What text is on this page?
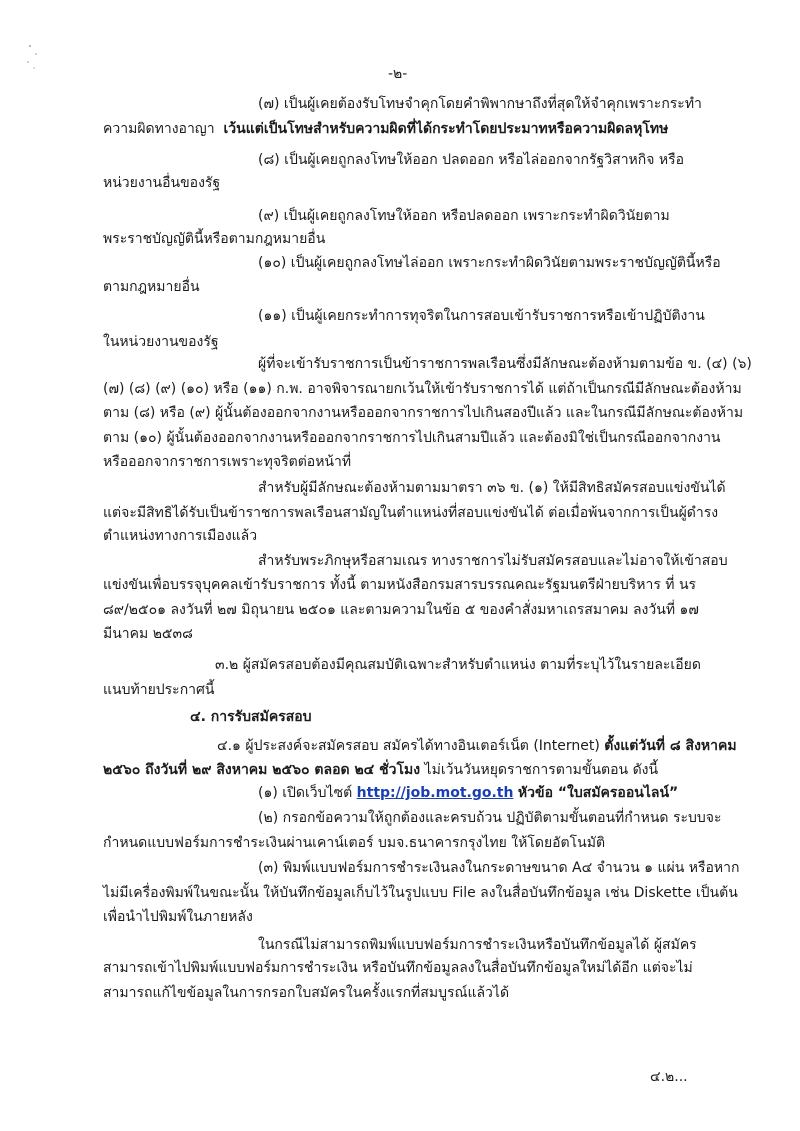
-๒-
(๗) เป็นผู้เคยต้องรับโทษจำคุกโดยคำพิพากษาถึงที่สุดให้จำคุกเพราะกระทำ
ความผิดทางอาญา เว้นแต่เป็นโทษสำหรับความผิดที่ได้กระทำโดยประมาทหรือความผิดลหุโทษ
(๘) เป็นผู้เคยถูกลงโทษให้ออก ปลดออก หรือไล่ออกจากรัฐวิสาหกิจ หรือ
หน่วยงานอื่นของรัฐ
(๙) เป็นผู้เคยถูกลงโทษให้ออก หรือปลดออก เพราะกระทำผิดวินัยตาม
พระราชบัญญัตินี้หรือตามกฎหมายอื่น
(๑๐) เป็นผู้เคยถูกลงโทษไล่ออก เพราะกระทำผิดวินัยตามพระราชบัญญัตินี้หรือ
ตามกฎหมายอื่น
(๑๑) เป็นผู้เคยกระทำการทุจริตในการสอบเข้ารับราชการหรือเข้าปฏิบัติงาน
ในหน่วยงานของรัฐ
ผู้ที่จะเข้ารับราชการเป็นข้าราชการพลเรือนซึ่งมีลักษณะต้องห้ามตามข้อ ข. (๔) (๖)
(๗) (๘) (๙) (๑๐) หรือ (๑๑) ก.พ. อาจพิจารณายกเว้นให้เข้ารับราชการได้ แต่ถ้าเป็นกรณีมีลักษณะต้องห้าม
ตาม (๘) หรือ (๙) ผู้นั้นต้องออกจากงานหรือออกจากราชการไปเกินสองปีแล้ว และในกรณีมีลักษณะต้องห้าม
ตาม (๑๐) ผู้นั้นต้องออกจากงานหรือออกจากราชการไปเกินสามปีแล้ว และต้องมิใช่เป็นกรณีออกจากงาน
หรือออกจากราชการเพราะทุจริตต่อหน้าที่
สำหรับผู้มีลักษณะต้องห้ามตามมาตรา ๓๖ ข. (๑) ให้มีสิทธิสมัครสอบแข่งขันได้
แต่จะมีสิทธิได้รับเป็นข้าราชการพลเรือนสามัญในตำแหน่งที่สอบแข่งขันได้ ต่อเมื่อพ้นจากการเป็นผู้ดำรง
ตำแหน่งทางการเมืองแล้ว
สำหรับพระภิกษุหรือสามเณร ทางราชการไม่รับสมัครสอบและไม่อาจให้เข้าสอบ
แข่งขันเพื่อบรรจุบุคคลเข้ารับราชการ ทั้งนี้ ตามหนังสือกรมสารบรรณคณะรัฐมนตรีฝ่ายบริหาร ที่ นร
๘๙/๒๕๐๑ ลงวันที่ ๒๗ มิถุนายน ๒๕๐๑ และตามความในข้อ ๕ ของคำสั่งมหาเถรสมาคม ลงวันที่ ๑๗
มีนาคม ๒๕๓๘
๓.๒ ผู้สมัครสอบต้องมีคุณสมบัติเฉพาะสำหรับตำแหน่ง ตามที่ระบุไว้ในรายละเอียด
แนบท้ายประกาศนี้
๔. การรับสมัครสอบ
๔.๑ ผู้ประสงค์จะสมัครสอบ สมัครได้ทางอินเตอร์เน็ต (Internet) ตั้งแต่วันที่ ๘ สิงหาคม
๒๕๖๐ ถึงวันที่ ๒๙ สิงหาคม ๒๕๖๐ ตลอด ๒๔ ชั่วโมง ไม่เว้นวันหยุดราชการตามขั้นตอน ดังนี้
(๑) เปิดเว็บไซต์ http://job.mot.go.th หัวข้อ “ใบสมัครออนไลน์”
(๒) กรอกข้อความให้ถูกต้องและครบถ้วน ปฏิบัติตามขั้นตอนที่กำหนด ระบบจะ
กำหนดแบบฟอร์มการชำระเงินผ่านเคาน์เตอร์ บมจ.ธนาคารกรุงไทย ให้โดยอัตโนมัติ
(๓) พิมพ์แบบฟอร์มการชำระเงินลงในกระดาษขนาด A๔ จำนวน ๑ แผ่น หรือหาก
ไม่มีเครื่องพิมพ์ในขณะนั้น ให้บันทึกข้อมูลเก็บไว้ในรูปแบบ File ลงในสื่อบันทึกข้อมูล เช่น Diskette เป็นต้น
เพื่อนำไปพิมพ์ในภายหลัง
ในกรณีไม่สามารถพิมพ์แบบฟอร์มการชำระเงินหรือบันทึกข้อมูลได้ ผู้สมัคร
สามารถเข้าไปพิมพ์แบบฟอร์มการชำระเงิน หรือบันทึกข้อมูลลงในสื่อบันทึกข้อมูลใหม่ได้อีก แต่จะไม่
สามารถแก้ไขข้อมูลในการกรอกใบสมัครในครั้งแรกที่สมบูรณ์แล้วได้
๔.๒...
